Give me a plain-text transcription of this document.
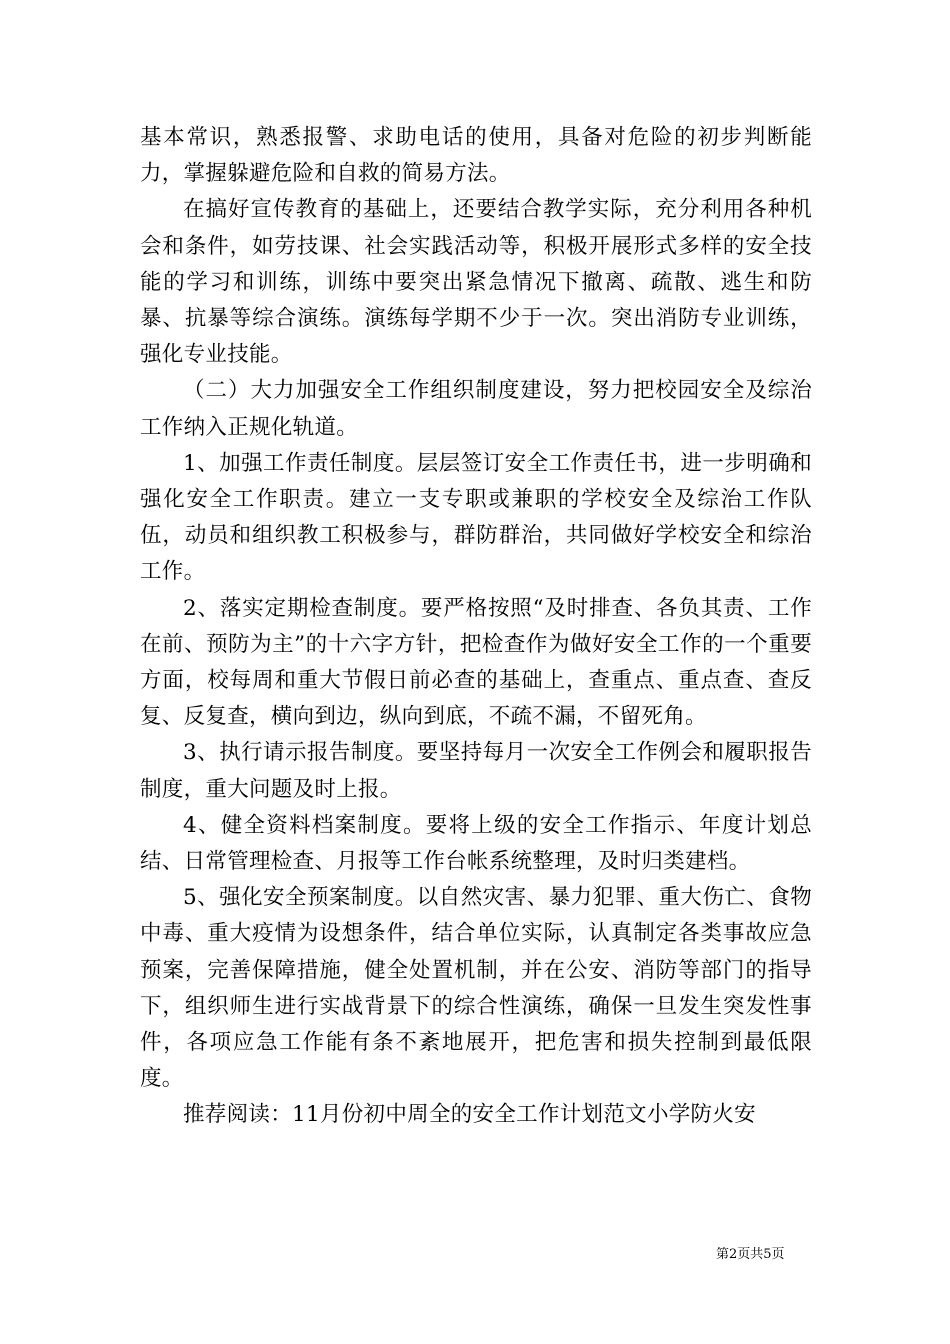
基本常识，熟悉报警、求助电话的使用，具备对危险的初步判断能力，掌握躲避危险和自救的简易方法。

在搞好宣传教育的基础上，还要结合教学实际，充分利用各种机会和条件，如劳技课、社会实践活动等，积极开展形式多样的安全技能的学习和训练，训练中要突出紧急情况下撤离、疏散、逃生和防暴、抗暴等综合演练。演练每学期不少于一次。突出消防专业训练，强化专业技能。

（二）大力加强安全工作组织制度建设，努力把校园安全及综治工作纳入正规化轨道。

1、加强工作责任制度。层层签订安全工作责任书，进一步明确和强化安全工作职责。建立一支专职或兼职的学校安全及综治工作队伍，动员和组织教工积极参与，群防群治，共同做好学校安全和综治工作。

2、落实定期检查制度。要严格按照“及时排查、各负其责、工作在前、预防为主”的十六字方针，把检查作为做好安全工作的一个重要方面，校每周和重大节假日前必查的基础上，查重点、重点查、查反复、反复查，横向到边，纵向到底，不疏不漏，不留死角。

3、执行请示报告制度。要坚持每月一次安全工作例会和履职报告制度，重大问题及时上报。

4、健全资料档案制度。要将上级的安全工作指示、年度计划总结、日常管理检查、月报等工作台帐系统整理，及时归类建档。

5、强化安全预案制度。以自然灾害、暴力犯罪、重大伤亡、食物中毒、重大疫情为设想条件，结合单位实际，认真制定各类事故应急预案，完善保障措施，健全处置机制，并在公安、消防等部门的指导下，组织师生进行实战背景下的综合性演练，确保一旦发生突发性事件，各项应急工作能有条不紊地展开，把危害和损失控制到最低限度。

推荐阅读：11月份初中周全的安全工作计划范文小学防火安

第2页共5页
